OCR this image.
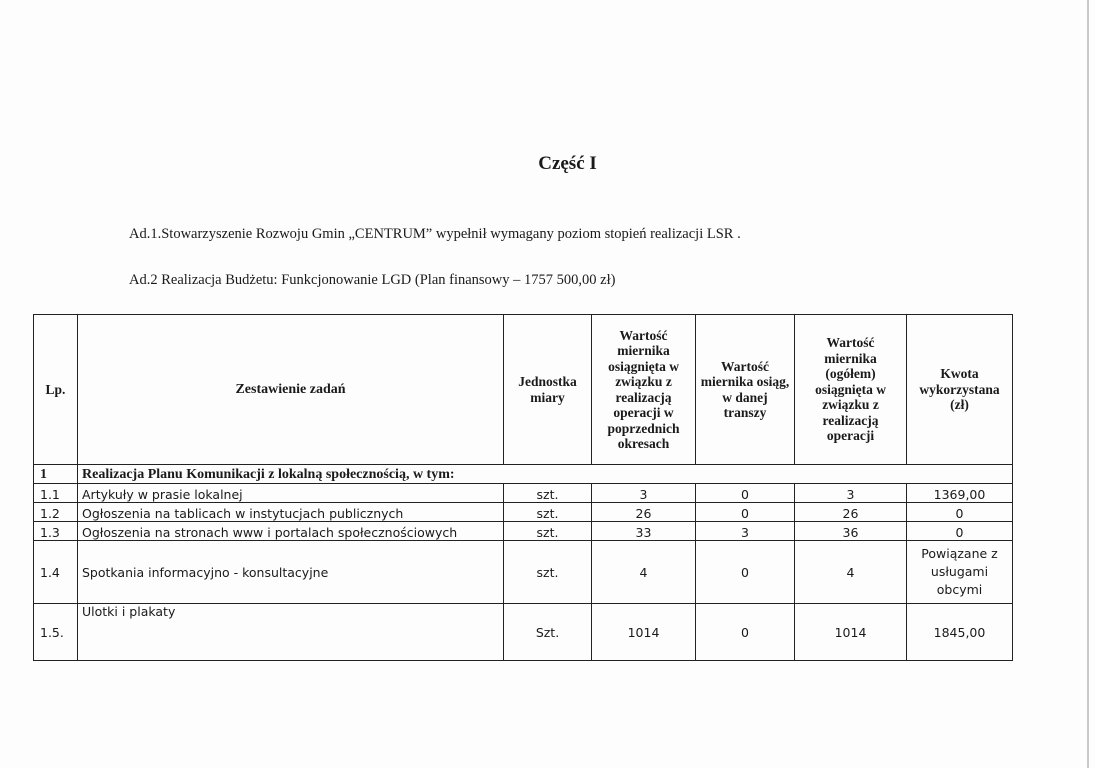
Część I
Ad.1.Stowarzyszenie Rozwoju Gmin „CENTRUM” wypełnił wymagany poziom stopień realizacji LSR .
Ad.2 Realizacja Budżetu: Funkcjonowanie LGD (Plan finansowy – 1757 500,00 zł)
Lp.	Zestawienie zadań	Jednostka miary	Wartość miernika osiągnięta w związku z realizacją operacji w poprzednich okresach	Wartość miernika osiąg, w danej transzy	Wartość miernika (ogółem) osiągnięta w związku z realizacją operacji	Kwota wykorzystana (zł)
1	Realizacja Planu Komunikacji z lokalną społecznością, w tym:					
1.1	Artykuły w prasie lokalnej	szt.	3	0	3	1369,00
1.2	Ogłoszenia na tablicach w instytucjach publicznych	szt.	26	0	26	0
1.3	Ogłoszenia na stronach www i portalach społecznościowych	szt.	33	3	36	0
1.4	Spotkania informacyjno - konsultacyjne	szt.	4	0	4	Powiązane z usługami obcymi
1.5.	Ulotki i plakaty	Szt.	1014	0	1014	1845,00
